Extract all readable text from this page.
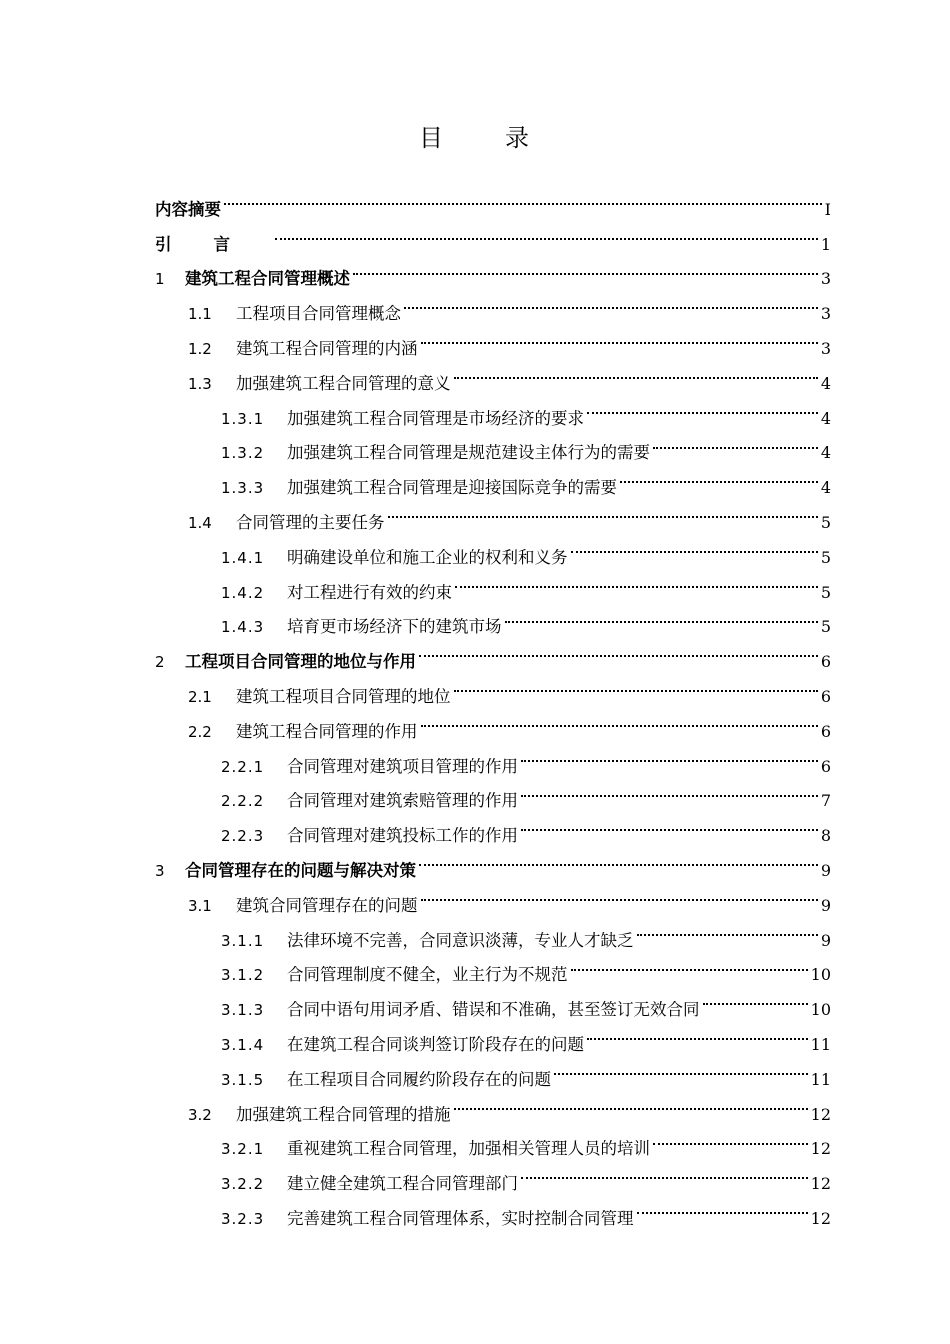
目	录
内容摘要	I
引言	1
1	建筑工程合同管理概述	3
1.1	工程项目合同管理概念	3
1.2	建筑工程合同管理的内涵	3
1.3	加强建筑工程合同管理的意义	4
1.3.1	加强建筑工程合同管理是市场经济的要求	4
1.3.2	加强建筑工程合同管理是规范建设主体行为的需要	4
1.3.3	加强建筑工程合同管理是迎接国际竞争的需要	4
1.4	合同管理的主要任务	5
1.4.1	明确建设单位和施工企业的权利和义务	5
1.4.2	对工程进行有效的约束	5
1.4.3	培育更市场经济下的建筑市场	5
2	工程项目合同管理的地位与作用	6
2.1	建筑工程项目合同管理的地位	6
2.2	建筑工程合同管理的作用	6
2.2.1	合同管理对建筑项目管理的作用	6
2.2.2	合同管理对建筑索赔管理的作用	7
2.2.3	合同管理对建筑投标工作的作用	8
3	合同管理存在的问题与解决对策	9
3.1	建筑合同管理存在的问题	9
3.1.1	法律环境不完善，合同意识淡薄，专业人才缺乏	9
3.1.2	合同管理制度不健全，业主行为不规范	10
3.1.3	合同中语句用词矛盾、错误和不准确，甚至签订无效合同	10
3.1.4	在建筑工程合同谈判签订阶段存在的问题	11
3.1.5	在工程项目合同履约阶段存在的问题	11
3.2	加强建筑工程合同管理的措施	12
3.2.1	重视建筑工程合同管理，加强相关管理人员的培训	12
3.2.2	建立健全建筑工程合同管理部门	12
3.2.3	完善建筑工程合同管理体系，实时控制合同管理	12
